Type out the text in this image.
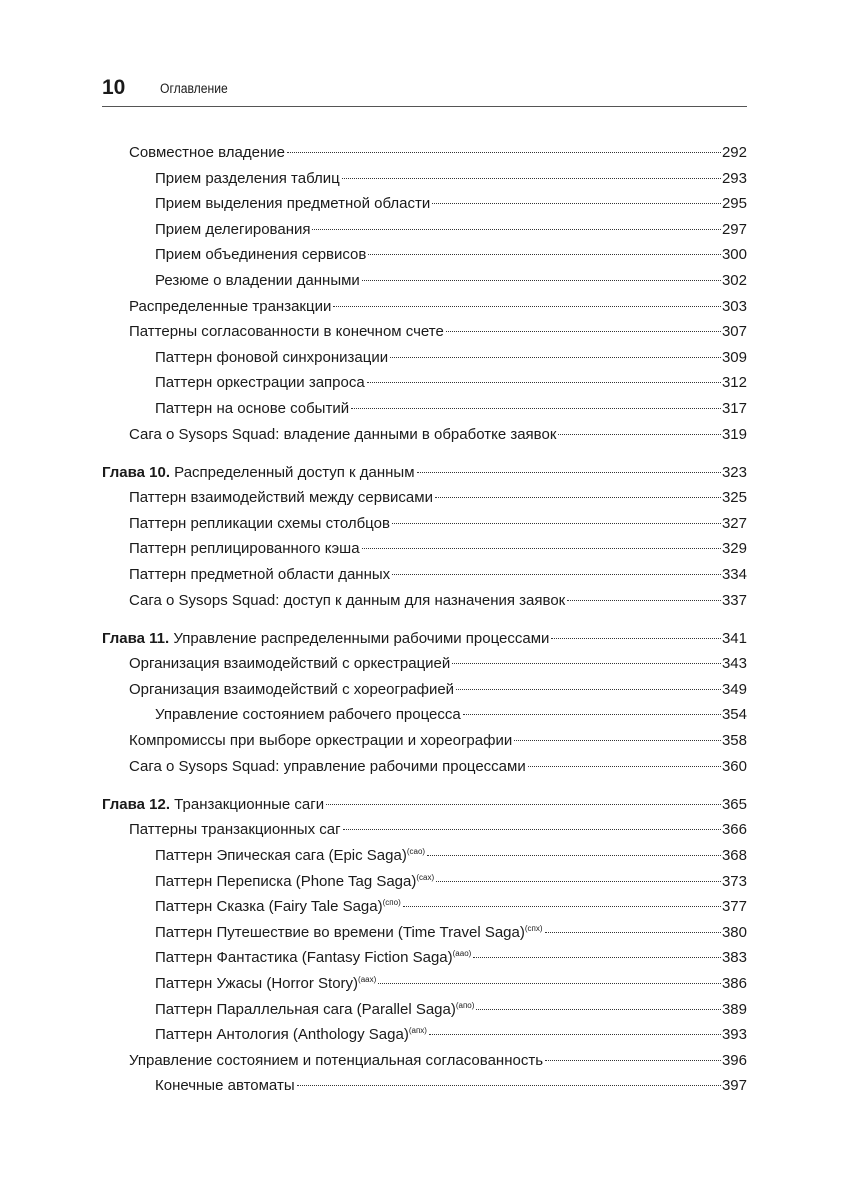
10	Оглавление
Совместное владение	292
Прием разделения таблиц	293
Прием выделения предметной области	295
Прием делегирования	297
Прием объединения сервисов	300
Резюме о владении данными	302
Распределенные транзакции	303
Паттерны согласованности в конечном счете	307
Паттерн фоновой синхронизации	309
Паттерн оркестрации запроса	312
Паттерн на основе событий	317
Сага о Sysops Squad: владение данными в обработке заявок	319
Глава 10. Распределенный доступ к данным	323
Паттерн взаимодействий между сервисами	325
Паттерн репликации схемы столбцов	327
Паттерн реплицированного кэша	329
Паттерн предметной области данных	334
Сага о Sysops Squad: доступ к данным для назначения заявок	337
Глава 11. Управление распределенными рабочими процессами	341
Организация взаимодействий с оркестрацией	343
Организация взаимодействий с хореографией	349
Управление состоянием рабочего процесса	354
Компромиссы при выборе оркестрации и хореографии	358
Сага о Sysops Squad: управление рабочими процессами	360
Глава 12. Транзакционные саги	365
Паттерны транзакционных саг	366
Паттерн Эпическая сага (Epic Saga)$^{(сао)}$	368
Паттерн Переписка (Phone Tag Saga)$^{(сах)}$	373
Паттерн Сказка (Fairy Tale Saga)$^{(спо)}$	377
Паттерн Путешествие во времени (Time Travel Saga)$^{(спх)}$	380
Паттерн Фантастика (Fantasy Fiction Saga)$^{(аао)}$	383
Паттерн Ужасы (Horror Story)$^{(аах)}$	386
Паттерн Параллельная сага (Parallel Saga)$^{(апо)}$	389
Паттерн Антология (Anthology Saga)$^{(апх)}$	393
Управление состоянием и потенциальная согласованность	396
Конечные автоматы	397
